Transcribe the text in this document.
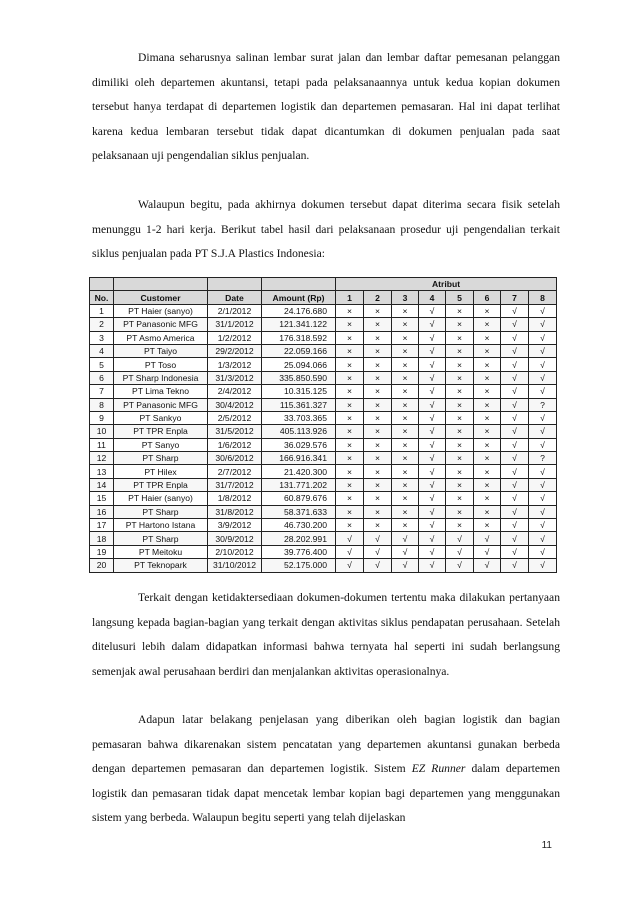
Dimana seharusnya salinan lembar surat jalan dan lembar daftar pemesanan pelanggan dimiliki oleh departemen akuntansi, tetapi pada pelaksanaannya untuk kedua kopian dokumen tersebut hanya terdapat di departemen logistik dan departemen pemasaran. Hal ini dapat terlihat karena kedua lembaran tersebut tidak dapat dicantumkan di dokumen penjualan pada saat pelaksanaan uji pengendalian siklus penjualan.

Walaupun begitu, pada akhirnya dokumen tersebut dapat diterima secara fisik setelah menunggu 1-2 hari kerja. Berikut tabel hasil dari pelaksanaan prosedur uji pengendalian terkait siklus penjualan pada PT S.J.A Plastics Indonesia:

				Atribut							
No.	Customer	Date	Amount (Rp)	1	2	3	4	5	6	7	8
1	PT Haier (sanyo)	2/1/2012	24.176.680	×	×	×	√	×	×	√	√
2	PT Panasonic MFG	31/1/2012	121.341.122	×	×	×	√	×	×	√	√
3	PT Asmo America	1/2/2012	176.318.592	×	×	×	√	×	×	√	√
4	PT Taiyo	29/2/2012	22.059.166	×	×	×	√	×	×	√	√
5	PT Toso	1/3/2012	25.094.066	×	×	×	√	×	×	√	√
6	PT Sharp Indonesia	31/3/2012	335.850.590	×	×	×	√	×	×	√	√
7	PT Lima Tekno	2/4/2012	10.315.125	×	×	×	√	×	×	√	√
8	PT Panasonic MFG	30/4/2012	115.361.327	×	×	×	√	×	×	√	?
9	PT Sankyo	2/5/2012	33.703.365	×	×	×	√	×	×	√	√
10	PT TPR Enpla	31/5/2012	405.113.926	×	×	×	√	×	×	√	√
11	PT Sanyo	1/6/2012	36.029.576	×	×	×	√	×	×	√	√
12	PT Sharp	30/6/2012	166.916.341	×	×	×	√	×	×	√	?
13	PT Hilex	2/7/2012	21.420.300	×	×	×	√	×	×	√	√
14	PT TPR Enpla	31/7/2012	131.771.202	×	×	×	√	×	×	√	√
15	PT Haier (sanyo)	1/8/2012	60.879.676	×	×	×	√	×	×	√	√
16	PT Sharp	31/8/2012	58.371.633	×	×	×	√	×	×	√	√
17	PT Hartono Istana	3/9/2012	46.730.200	×	×	×	√	×	×	√	√
18	PT Sharp	30/9/2012	28.202.991	√	√	√	√	√	√	√	√
19	PT Meitoku	2/10/2012	39.776.400	√	√	√	√	√	√	√	√
20	PT Teknopark	31/10/2012	52.175.000	√	√	√	√	√	√	√	√

Terkait dengan ketidaktersediaan dokumen-dokumen tertentu maka dilakukan pertanyaan langsung kepada bagian-bagian yang terkait dengan aktivitas siklus pendapatan perusahaan. Setelah ditelusuri lebih dalam didapatkan informasi bahwa ternyata hal seperti ini sudah berlangsung semenjak awal perusahaan berdiri dan menjalankan aktivitas operasionalnya.

Adapun latar belakang penjelasan yang diberikan oleh bagian logistik dan bagian pemasaran bahwa dikarenakan sistem pencatatan yang departemen akuntansi gunakan berbeda dengan departemen pemasaran dan departemen logistik. Sistem EZ Runner dalam departemen logistik dan pemasaran tidak dapat mencetak lembar kopian bagi departemen yang menggunakan sistem yang berbeda. Walaupun begitu seperti yang telah dijelaskan

11
